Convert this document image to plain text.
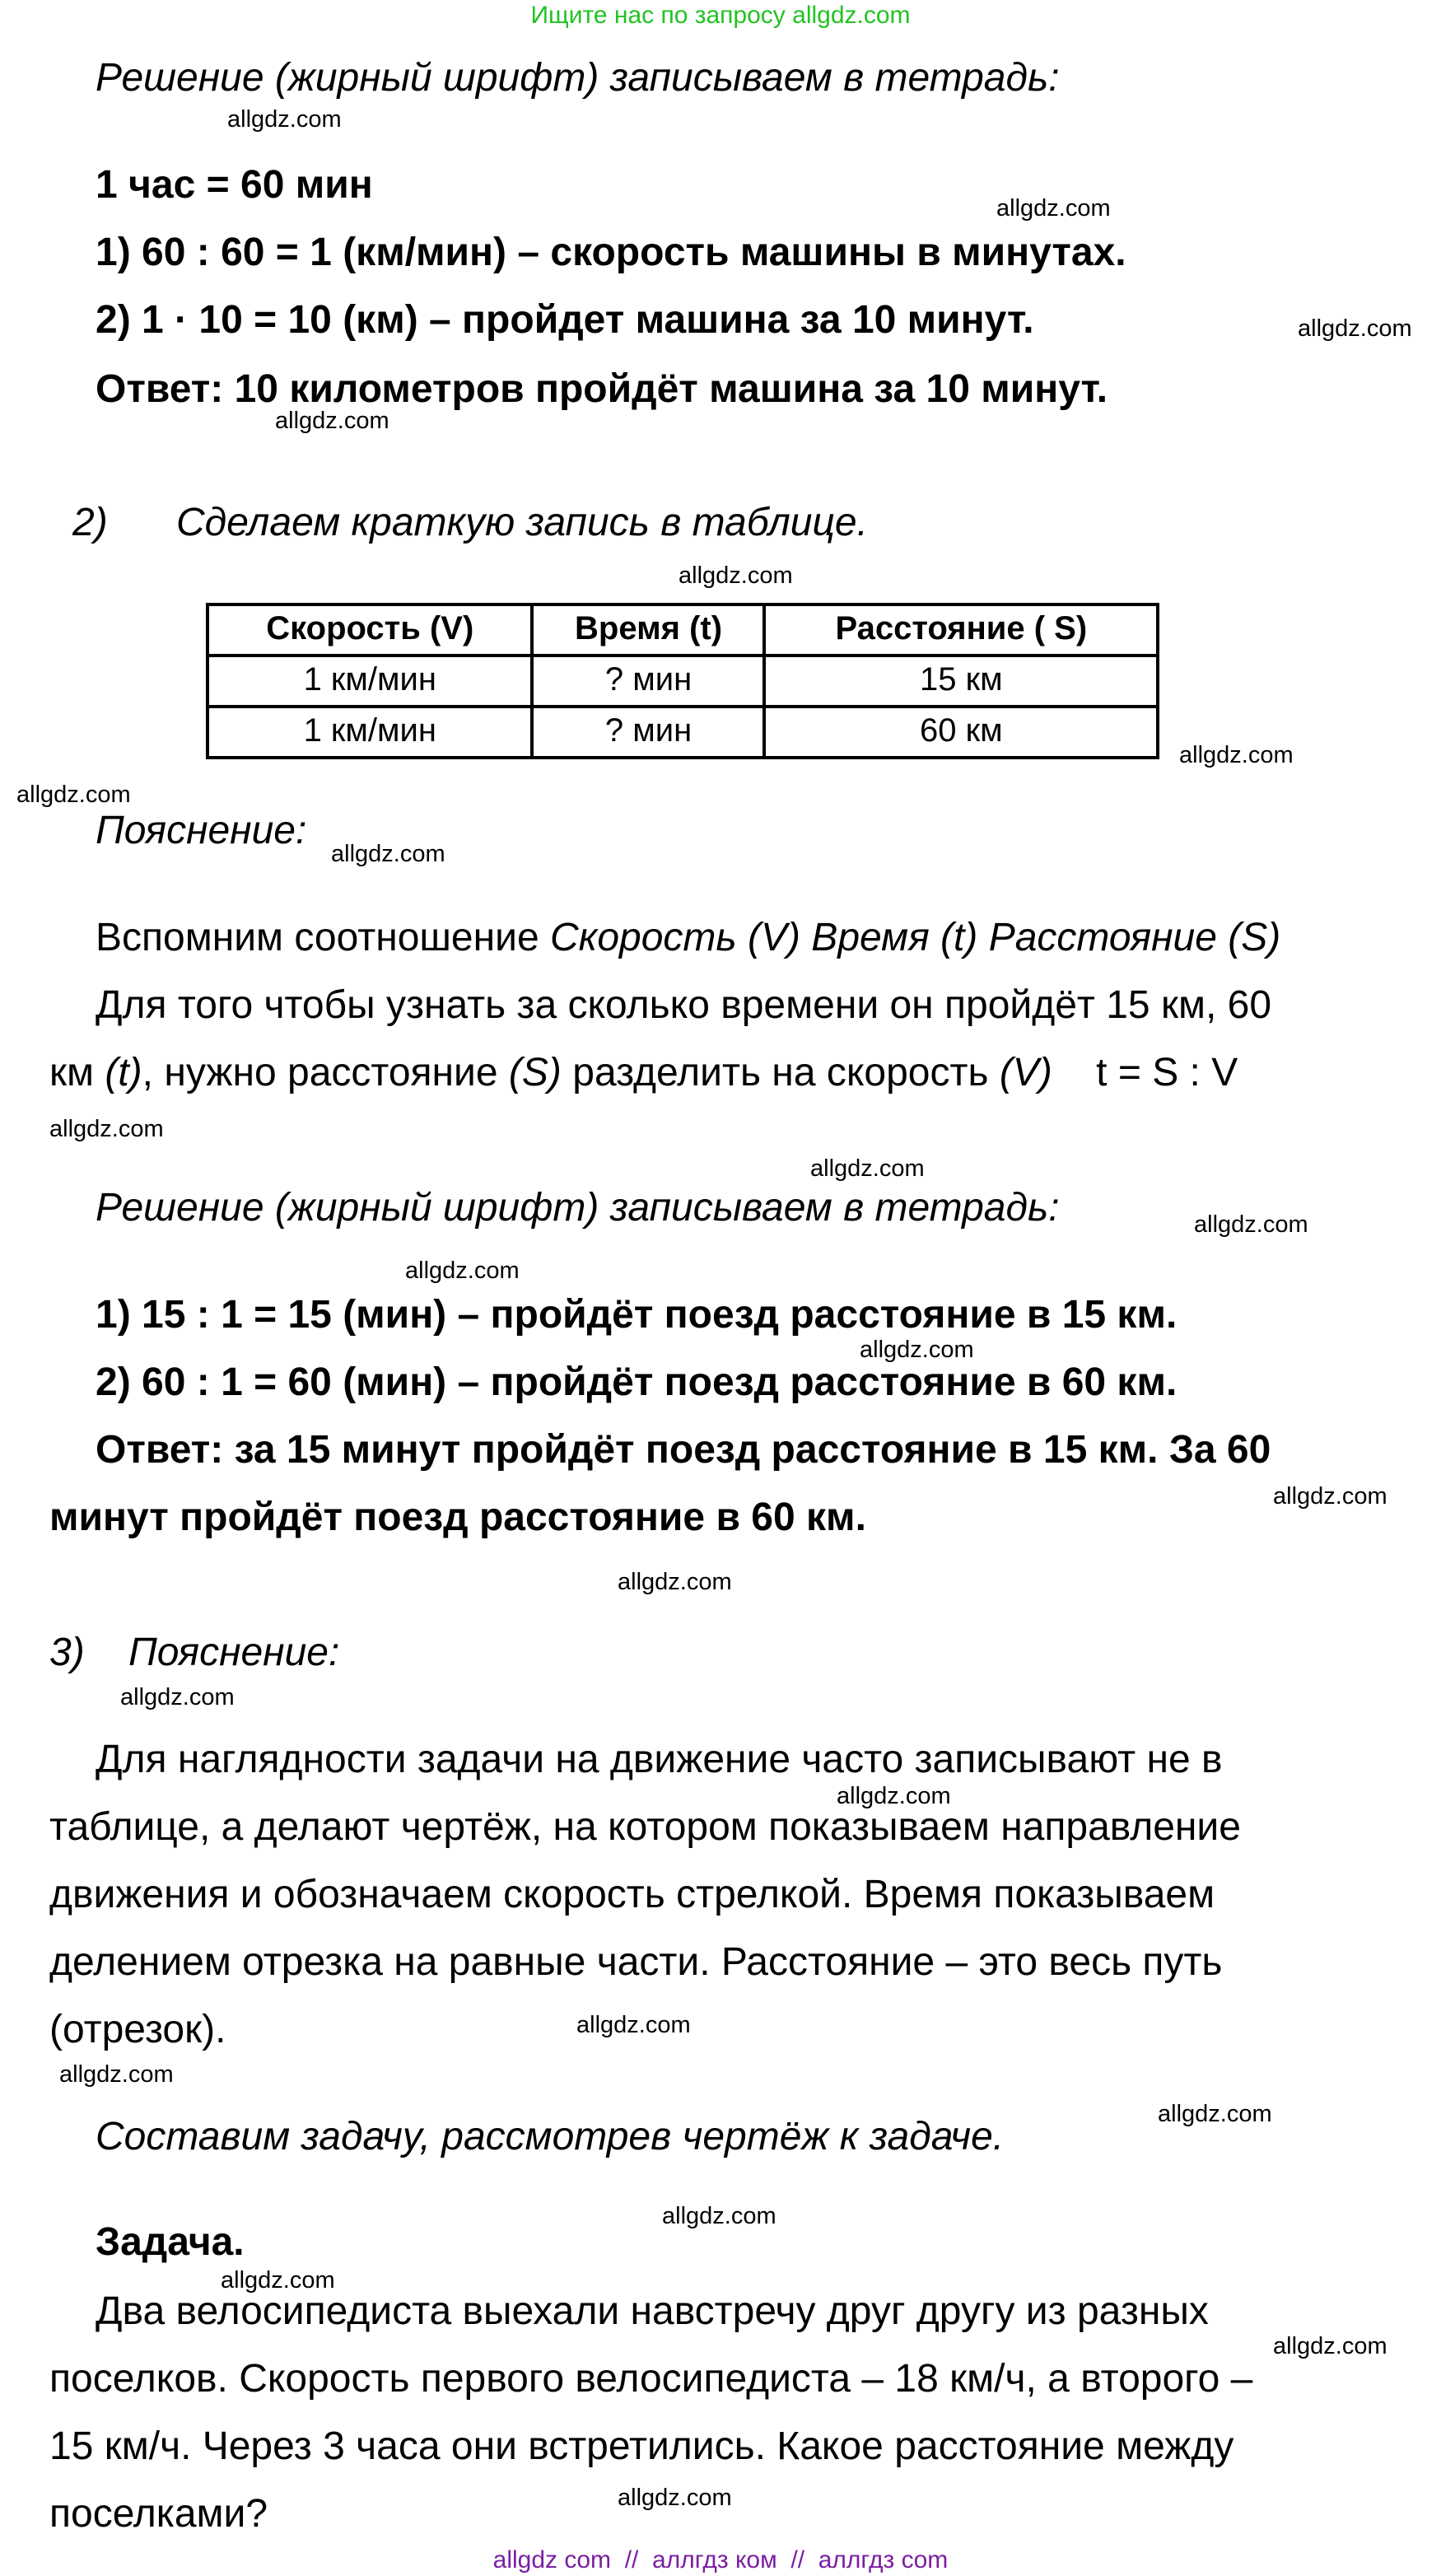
Ищите нас по запросу allgdz.com
Решение (жирный шрифт) записываем в тетрадь:
1 час = 60 мин
1) 60 : 60 = 1 (км/мин) – скорость машины в минутах.
2) 1 · 10 = 10 (км) – пройдет машина за 10 минут.
Ответ: 10 километров пройдёт машина за 10 минут.
2)	Сделаем краткую запись в таблице.
Скорость (V)	Время (t)	Расстояние ( S)
1 км/мин	? мин	15 км
1 км/мин	? мин	60 км
Пояснение:
Вспомним соотношение Скорость (V) Время (t) Расстояние (S)
Для того чтобы узнать за сколько времени он пройдёт 15 км, 60
км (t), нужно расстояние (S) разделить на скорость (V)    t = S : V
Решение (жирный шрифт) записываем в тетрадь:
1) 15 : 1 = 15 (мин) – пройдёт поезд расстояние в 15 км.
2) 60 : 1 = 60 (мин) – пройдёт поезд расстояние в 60 км.
Ответ: за 15 минут пройдёт поезд расстояние в 15 км. За 60
минут пройдёт поезд расстояние в 60 км.
3) Пояснение:
Для наглядности задачи на движение часто записывают не в
таблице, а делают чертёж, на котором показываем направление
движения и обозначаем скорость стрелкой. Время показываем
делением отрезка на равные части. Расстояние – это весь путь
(отрезок).
Составим задачу, рассмотрев чертёж к задаче.
Задача.
Два велосипедиста выехали навстречу друг другу из разных
поселков. Скорость первого велосипедиста – 18 км/ч, а второго –
15 км/ч. Через 3 часа они встретились. Какое расстояние между
поселками?
allgdz.com
allgdz.com
allgdz.com
allgdz.com
allgdz.com
allgdz.com
allgdz.com
allgdz.com
allgdz.com
allgdz.com
allgdz.com
allgdz.com
allgdz.com
allgdz.com
allgdz.com
allgdz.com
allgdz.com
allgdz.com
allgdz.com
allgdz.com
allgdz.com
allgdz.com
allgdz.com
allgdz.com
allgdz com  //  аллгдз ком  //  аллгдз com
